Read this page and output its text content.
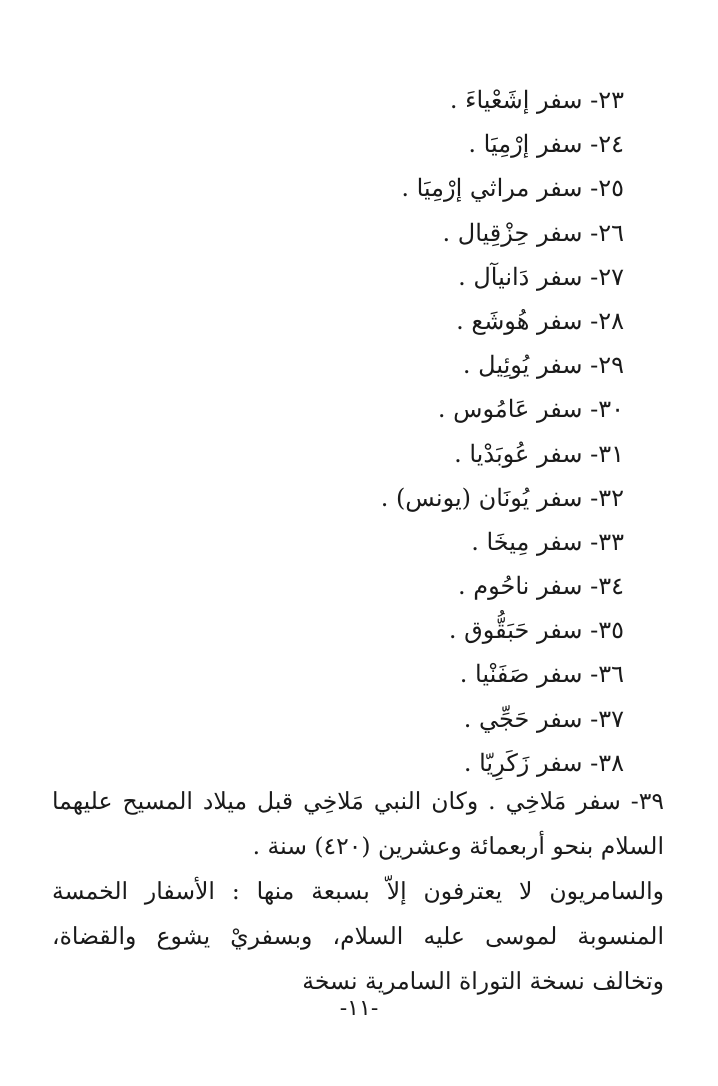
٢٣- سفر إشَعْياءَ .
٢٤- سفر إرْمِيَا .
٢٥- سفر مراثي إرْمِيَا .
٢٦- سفر حِزْقِيال .
٢٧- سفر دَانيآل .
٢٨- سفر هُوشَع .
٢٩- سفر يُوئِيل .
٣٠- سفر عَامُوس .
٣١- سفر عُوبَدْيا .
٣٢- سفر يُونَان (يونس) .
٣٣- سفر مِيخَا .
٣٤- سفر ناحُوم .
٣٥- سفر حَبَقُّوق .
٣٦- سفر صَفَنْيا .
٣٧- سفر حَجِّي .
٣٨- سفر زَكَرِيّا .

٣٩- سفر مَلاخِي . وكان النبي مَلاخِي قبل ميلاد المسيح عليهما السلام بنحو أربعمائة وعشرين (٤٢٠) سنة .

والسامريون لا يعترفون إلاّ بسبعة منها : الأسفار الخمسة المنسوبة لموسى عليه السلام، وبسفريْ يشوع والقضاة، وتخالف نسخة التوراة السامرية نسخة

-١١-
